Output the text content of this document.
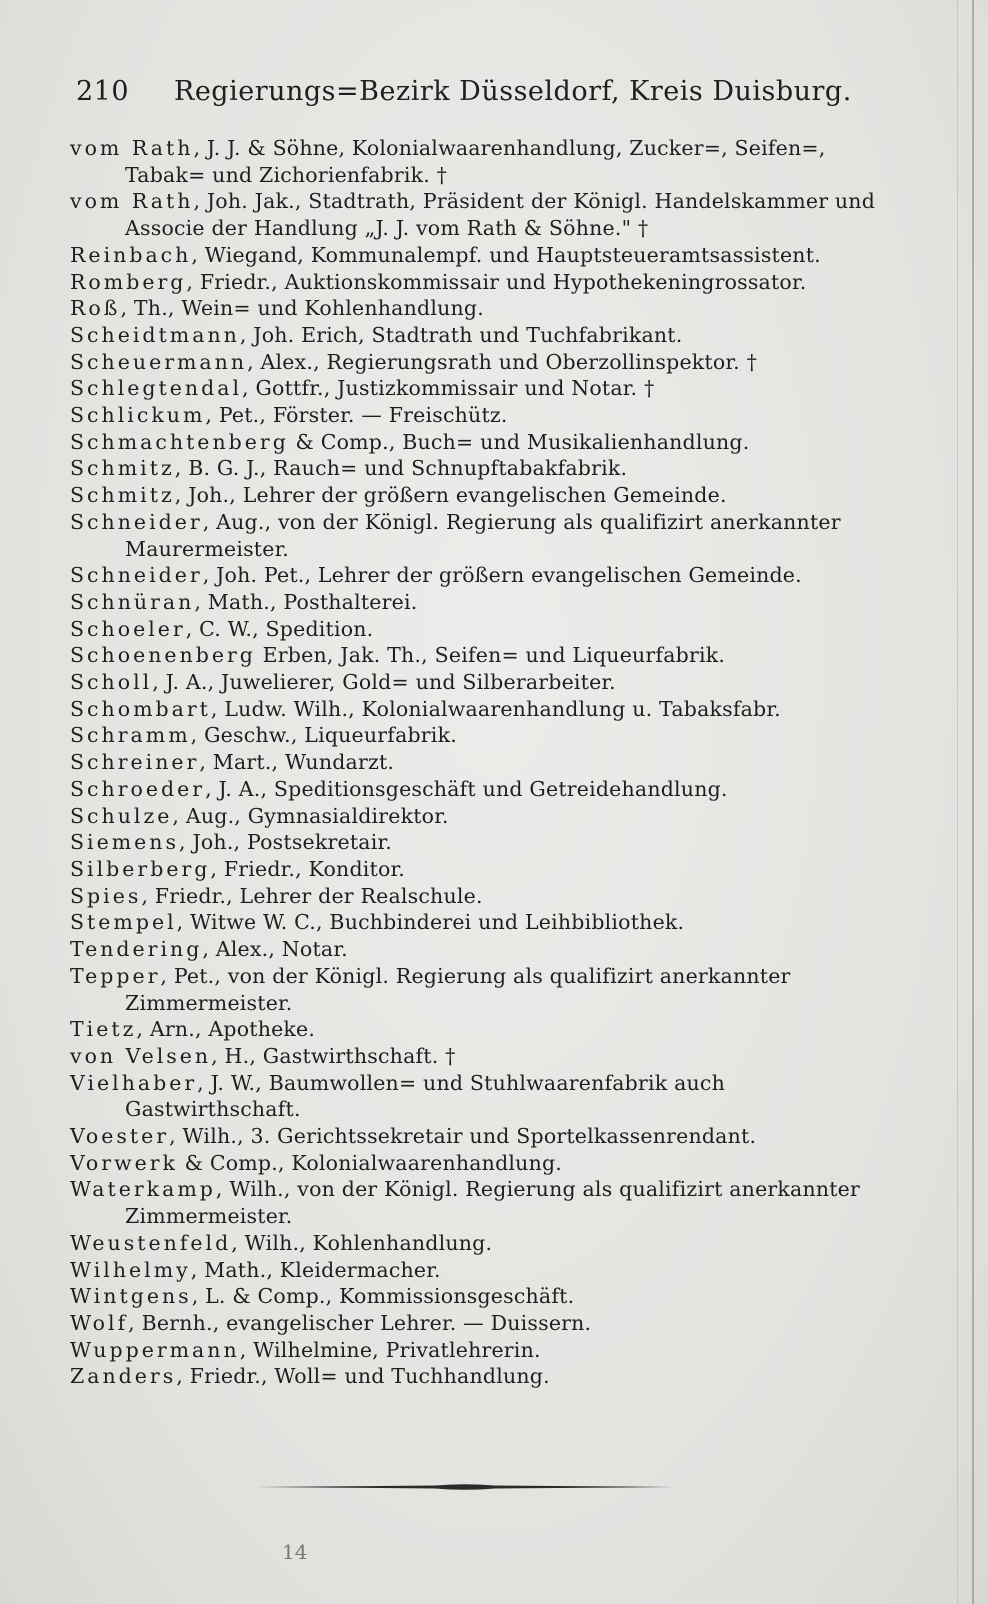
210 Regierungs=Bezirk Düsseldorf, Kreis Duisburg.
vom Rath, J. J. & Söhne, Kolonialwaarenhandlung, Zucker=, Seifen=, Tabak= und Zichorienfabrik. †
vom Rath, Joh. Jak., Stadtrath, Präsident der Königl. Handelskammer und Associe der Handlung „J. J. vom Rath & Söhne." †
Reinbach, Wiegand, Kommunalempf. und Hauptsteueramtsassistent.
Romberg, Friedr., Auktionskommissair und Hypothekeningrossator.
Roß, Th., Wein= und Kohlenhandlung.
Scheidtmann, Joh. Erich, Stadtrath und Tuchfabrikant.
Scheuermann, Alex., Regierungsrath und Oberzollinspektor. †
Schlegtendal, Gottfr., Justizkommissair und Notar. †
Schlickum, Pet., Förster. — Freischütz.
Schmachtenberg & Comp., Buch= und Musikalienhandlung.
Schmitz, B. G. J., Rauch= und Schnupftabakfabrik.
Schmitz, Joh., Lehrer der größern evangelischen Gemeinde.
Schneider, Aug., von der Königl. Regierung als qualifizirt anerkannter Maurermeister.
Schneider, Joh. Pet., Lehrer der größern evangelischen Gemeinde.
Schnüran, Math., Posthalterei.
Schoeler, C. W., Spedition.
Schoenenberg Erben, Jak. Th., Seifen= und Liqueurfabrik.
Scholl, J. A., Juwelierer, Gold= und Silberarbeiter.
Schombart, Ludw. Wilh., Kolonialwaarenhandlung u. Tabaksfabr.
Schramm, Geschw., Liqueurfabrik.
Schreiner, Mart., Wundarzt.
Schroeder, J. A., Speditionsgeschäft und Getreidehandlung.
Schulze, Aug., Gymnasialdirektor.
Siemens, Joh., Postsekretair.
Silberberg, Friedr., Konditor.
Spies, Friedr., Lehrer der Realschule.
Stempel, Witwe W. C., Buchbinderei und Leihbibliothek.
Tendering, Alex., Notar.
Tepper, Pet., von der Königl. Regierung als qualifizirt anerkannter Zimmermeister.
Tietz, Arn., Apotheke.
von Velsen, H., Gastwirthschaft. †
Vielhaber, J. W., Baumwollen= und Stuhlwaarenfabrik auch Gastwirthschaft.
Voester, Wilh., 3. Gerichtssekretair und Sportelkassenrendant.
Vorwerk & Comp., Kolonialwaarenhandlung.
Waterkamp, Wilh., von der Königl. Regierung als qualifizirt anerkannter Zimmermeister.
Weustenfeld, Wilh., Kohlenhandlung.
Wilhelmy, Math., Kleidermacher.
Wintgens, L. & Comp., Kommissionsgeschäft.
Wolf, Bernh., evangelischer Lehrer. — Duissern.
Wuppermann, Wilhelmine, Privatlehrerin.
Zanders, Friedr., Woll= und Tuchhandlung.
14
